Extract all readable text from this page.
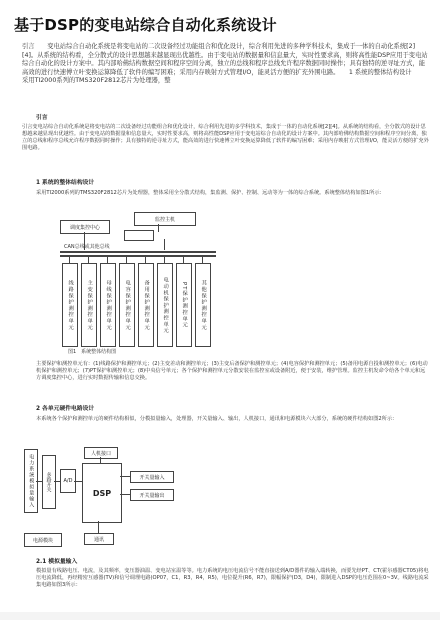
基于DSP的变电站综合自动化系统设计
引言　　变电站综合自动化系统是将变电站的二次设备经过功能组合和优化设计，综合利用先进的多种学科技术，集成于一体的自动化系统[2][4]。从系统的结构看，全分散式的设计思想越来越显现出优越性。由于变电站的数据量和信息量大，实时性要求高，则将高性能DSP应用于变电站综合自动化的设计方案中。其内部哈佛结构数据空间和程序空间分离，独立的总线和程序总线允许程序数据同时操作；具有独特的逆寻址方式，能高效的进行快速傅立叶变换运算降低了软件的编写困难；采用内存映射方式管理I/O，能灵活方便的扩充外围电路。　　1 系统的整体结构设计　　采用TI2000系列的TMS320F2812芯片为处理器，整
引言
引言变电站综合自动化系统是将变电站的二次设备经过功能组合和优化设计，综合利用先进的多学科技术，集成于一体的自动化系统[2][4]。从系统的结构看，全分散式的设计思想越来越显现出优越性。由于变电站的数据量和信息量大，实时性要求高，则将高性能DSP应用于变电站综合自动化的设计方案中。其内部哈佛结构数据空间和程序空间分离，独立的总线和程序总线允许程序数据同时操作；具有独特的逆寻址方式，能高效的进行快速傅立叶变换运算降低了软件的编写困难；采用内存映射方式管理I/O，能灵活方便的扩充外围电路。
1 系统的整体结构设计
采用TI2000系列的TMS320F2812芯片为处理器，整体采用全分散式结构，集监测、保护、控制、远动等为一体的综合系统。系统整体结构如图1所示：
调度集控中心
监控主机
CAN总线或其他总线
线路保护测控单元	主变保护测控单元	母线保护测控单元	电容保护测控单元	备用保护测控单元	电动机保护测控单元	PT保护测控单元	其他保护测控单元
图1　系统整体结构图
主要保护和测控单元有：(1)线路保护和测控单元；(2)主变差动和测控单元；(3)主变后备保护和测控单元；(4)电容保护和测控单元；(5)备用电源自投和测控单元；(6)电动机保护和测控单元；(7)PT保护和测控单元；(8)中央信号单元；各个保护和测控单元分散安装在监控室或设备附近，便于安装，维护管理。监控主机发命令给各个单元和远方调度集控中心，进行实时数据传输和信息交换。
2 各单元硬件电路设计
本系统各个保护和测控单元的硬件结构相似，分模拟量输入，处理器，开关量输入、输出，人机接口，通讯和电源模块六大部分，系统的硬件结构如图2所示：
电力系统模拟量输入	多路开关	A/D
人机接口
DSP
开关量输入
开关量输出
通讯
电源模块
2.1 模拟量输入
模拟量有线路电压、电流，及其频率，变压器油温、变电站室温等等。电力系统的电压电流信号不能直接送到A/D器件的输入端转换，而要先经PT、CT(霍尔感器CT05)将电压电流降低，再经精密互感器(TV)和信号调理电路(OP07，C1，R3，R4，R5)，电位提升(R6，R7)，限幅保护(D3，D4)，限制进入DSP的电压范围在0~3V。线路电流采集电路如图3所示：
